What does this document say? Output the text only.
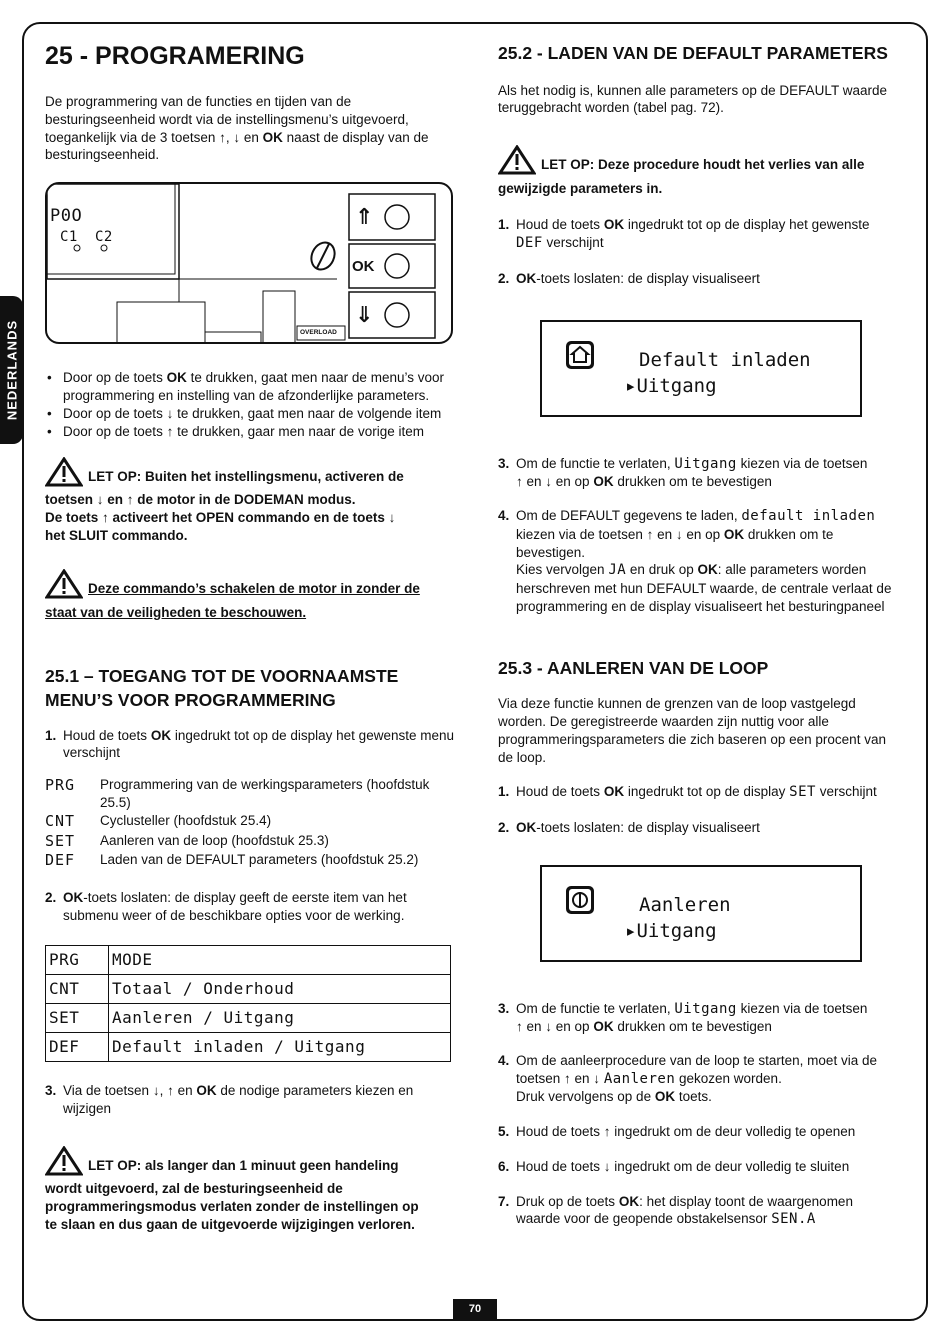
NEDERLANDS
25 - PROGRAMERING
De programmering van de functies en tijden van de
besturingseenheid wordt via de instellingsmenu’s uitgevoerd,
toegankelijk via de 3 toetsen ↑, ↓ en OK naast de display van de
besturingseenheid.
P0O
C1 C2
⇑
OK
⇓
OVERLOAD
• Door op de toets OK te drukken, gaat men naar de menu’s voor programmering en instelling van de afzonderlijke parameters.
• Door op de toets ↓ te drukken, gaat men naar de volgende item
• Door op de toets ↑ te drukken, gaar men naar de vorige item
LET OP: Buiten het instellingsmenu, activeren de
toetsen ↓ en ↑ de motor in de DODEMAN modus.
De toets ↑ activeert het OPEN commando en de toets ↓
het SLUIT commando.
Deze commando’s schakelen de motor in zonder de
staat van de veiligheden te beschouwen.
25.1 – TOEGANG TOT DE VOORNAAMSTE
MENU’S VOOR PROGRAMMERING
1. Houd de toets OK ingedrukt tot op de display het gewenste menu verschijnt
PRG	Programmering van de werkingsparameters (hoofdstuk 25.5)
CNT	Cyclusteller (hoofdstuk 25.4)
SET	Aanleren van de loop (hoofdstuk 25.3)
DEF	Laden van de DEFAULT parameters (hoofdstuk 25.2)
2. OK-toets loslaten: de display geeft de eerste item van het submenu weer of de beschikbare opties voor de werking.
PRG	MODE
CNT	Totaal / Onderhoud
SET	Aanleren / Uitgang
DEF	Default inladen / Uitgang
3. Via de toetsen ↓, ↑ en OK de nodige parameters kiezen en wijzigen
LET OP: als langer dan 1 minuut geen handeling
wordt uitgevoerd, zal de besturingseenheid de
programmeringsmodus verlaten zonder de instellingen op
te slaan en dus gaan de uitgevoerde wijzigingen verloren.
25.2 - LADEN VAN DE DEFAULT PARAMETERS
Als het nodig is, kunnen alle parameters op de DEFAULT waarde
teruggebracht worden (tabel pag. 72).
LET OP: Deze procedure houdt het verlies van alle
gewijzigde parameters in.
1. Houd de toets OK ingedrukt tot op de display het gewenste
DEF verschijnt
2. OK-toets loslaten: de display visualiseert
Default inladen
▸Uitgang
3. Om de functie te verlaten, Uitgang kiezen via de toetsen
↑ en ↓ en op OK drukken om te bevestigen
4. Om de DEFAULT gegevens te laden, default inladen
kiezen via de toetsen ↑ en ↓ en op OK drukken om te
bevestigen.
Kies vervolgen JA en druk op OK: alle parameters worden
herschreven met hun DEFAULT waarde, de centrale verlaat de
programmering en de display visualiseert het besturingpaneel
25.3 - AANLEREN VAN DE LOOP
Via deze functie kunnen de grenzen van de loop vastgelegd
worden. De geregistreerde waarden zijn nuttig voor alle
programmeringsparameters die zich baseren op een procent van
de loop.
1. Houd de toets OK ingedrukt tot op de display SET verschijnt
2. OK-toets loslaten: de display visualiseert
Aanleren
▸Uitgang
3. Om de functie te verlaten, Uitgang kiezen via de toetsen
↑ en ↓ en op OK drukken om te bevestigen
4. Om de aanleerprocedure van de loop te starten, moet via de
toetsen ↑ en ↓ Aanleren gekozen worden.
Druk vervolgens op de OK toets.
5. Houd de toets ↑ ingedrukt om de deur volledig te openen
6. Houd de toets ↓ ingedrukt om de deur volledig te sluiten
7. Druk op de toets OK: het display toont de waargenomen
waarde voor de geopende obstakelsensor SEN.A
70
